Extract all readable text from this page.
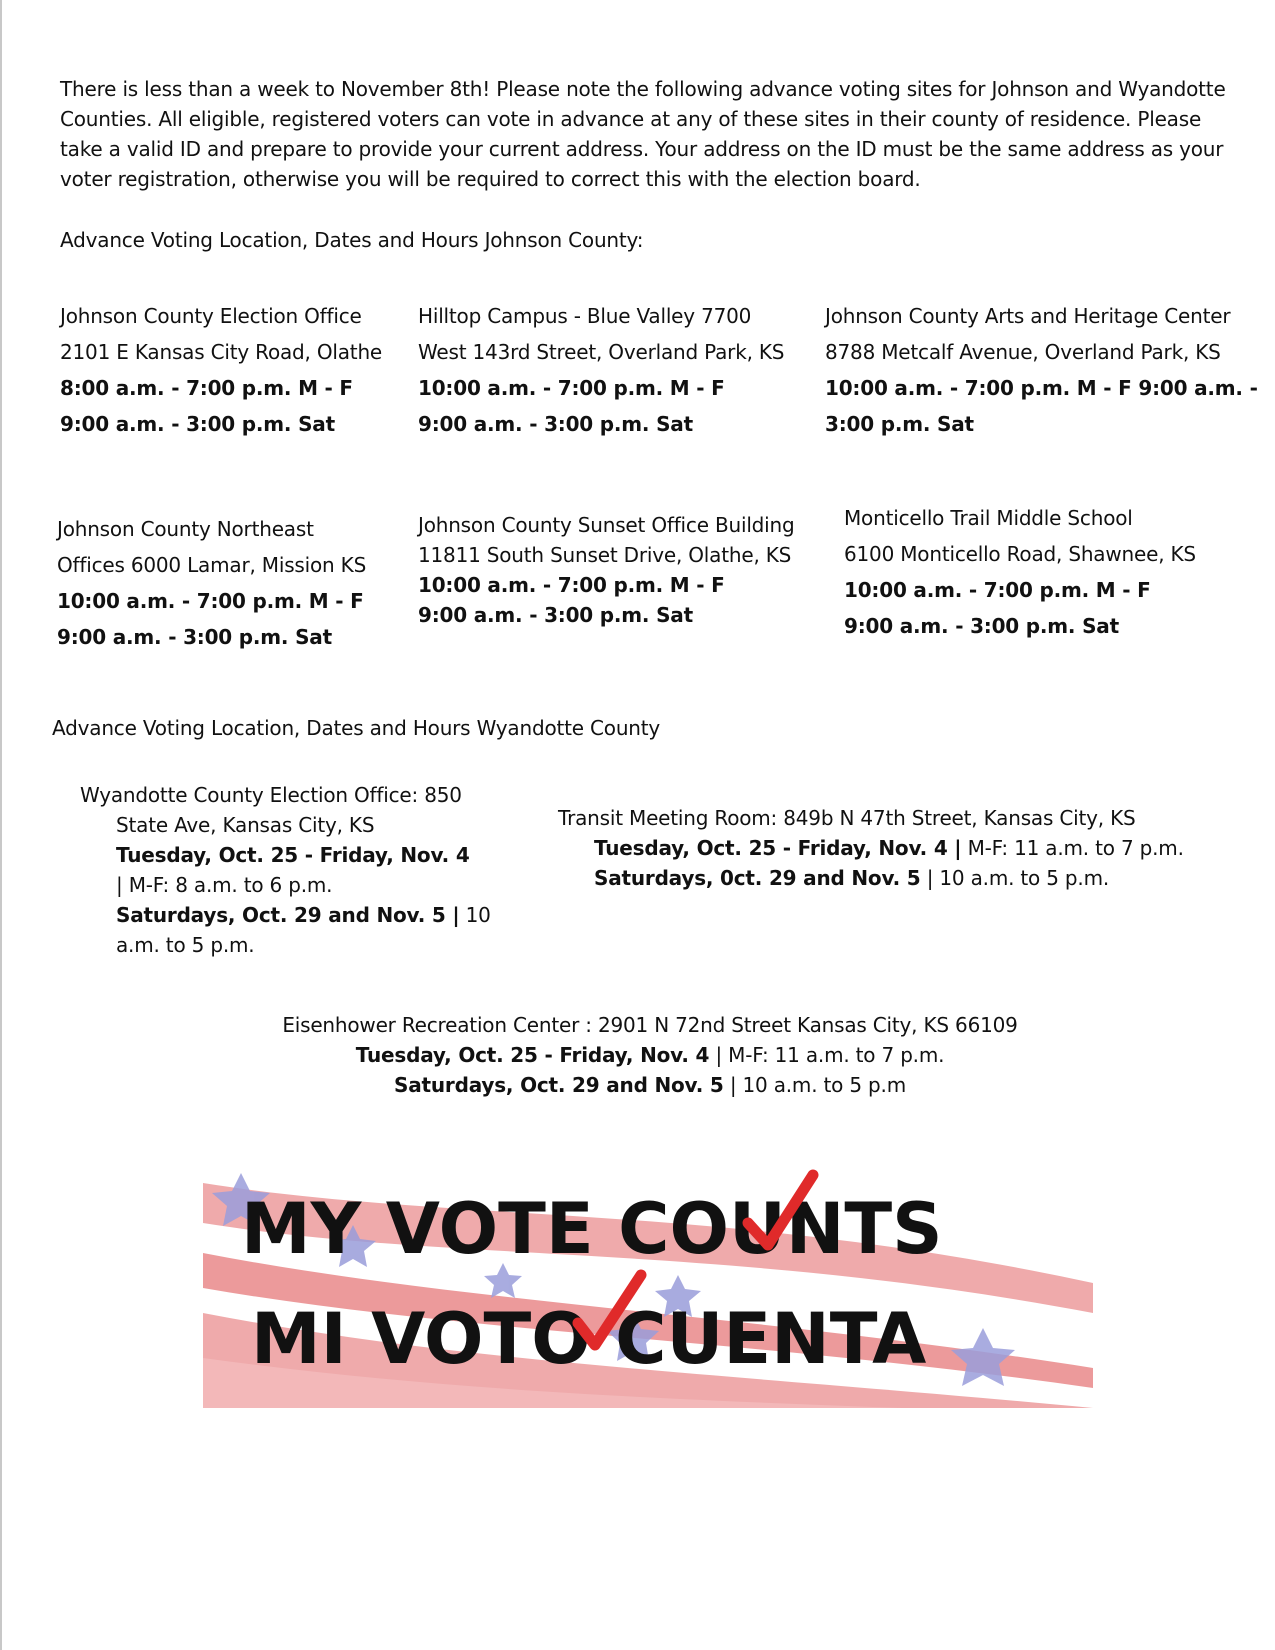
There is less than a week to November 8th! Please note the following advance voting sites for Johnson and Wyandotte Counties. All eligible, registered voters can vote in advance at any of these sites in their county of residence. Please take a valid ID and prepare to provide your current address. Your address on the ID must be the same address as your voter registration, otherwise you will be required to correct this with the election board.

Advance Voting Location, Dates and Hours Johnson County:
Johnson County Election Office
2101 E Kansas City Road, Olathe
8:00 a.m. - 7:00 p.m. M - F
9:00 a.m. - 3:00 p.m. Sat
Hilltop Campus - Blue Valley 7700
West 143rd Street, Overland Park, KS
10:00 a.m. - 7:00 p.m. M - F
9:00 a.m. - 3:00 p.m. Sat
Johnson County Arts and Heritage Center
8788 Metcalf Avenue, Overland Park, KS
10:00 a.m. - 7:00 p.m. M - F 9:00 a.m. -
3:00 p.m. Sat
Johnson County Northeast
Offices 6000 Lamar, Mission KS
10:00 a.m. - 7:00 p.m. M - F
9:00 a.m. - 3:00 p.m. Sat
Johnson County Sunset Office Building
11811 South Sunset Drive, Olathe, KS
10:00 a.m. - 7:00 p.m. M - F
9:00 a.m. - 3:00 p.m. Sat
Monticello Trail Middle School
6100 Monticello Road, Shawnee, KS
10:00 a.m. - 7:00 p.m. M - F
9:00 a.m. - 3:00 p.m. Sat
Advance Voting Location, Dates and Hours Wyandotte County
Wyandotte County Election Office: 850
State Ave, Kansas City, KS
Tuesday, Oct. 25 - Friday, Nov. 4
| M-F: 8 a.m. to 6 p.m.
Saturdays, Oct. 29 and Nov. 5 | 10
a.m. to 5 p.m.
Transit Meeting Room: 849b N 47th Street, Kansas City, KS
Tuesday, Oct. 25 - Friday, Nov. 4 | M-F: 11 a.m. to 7 p.m.
Saturdays, 0ct. 29 and Nov. 5 | 10 a.m. to 5 p.m.
Eisenhower Recreation Center : 2901 N 72nd Street Kansas City, KS 66109
Tuesday, Oct. 25 - Friday, Nov. 4 | M-F: 11 a.m. to 7 p.m.
Saturdays, Oct. 29 and Nov. 5 | 10 a.m. to 5 p.m
MY VOTE COUNTS
MI VOTO CUENTA
